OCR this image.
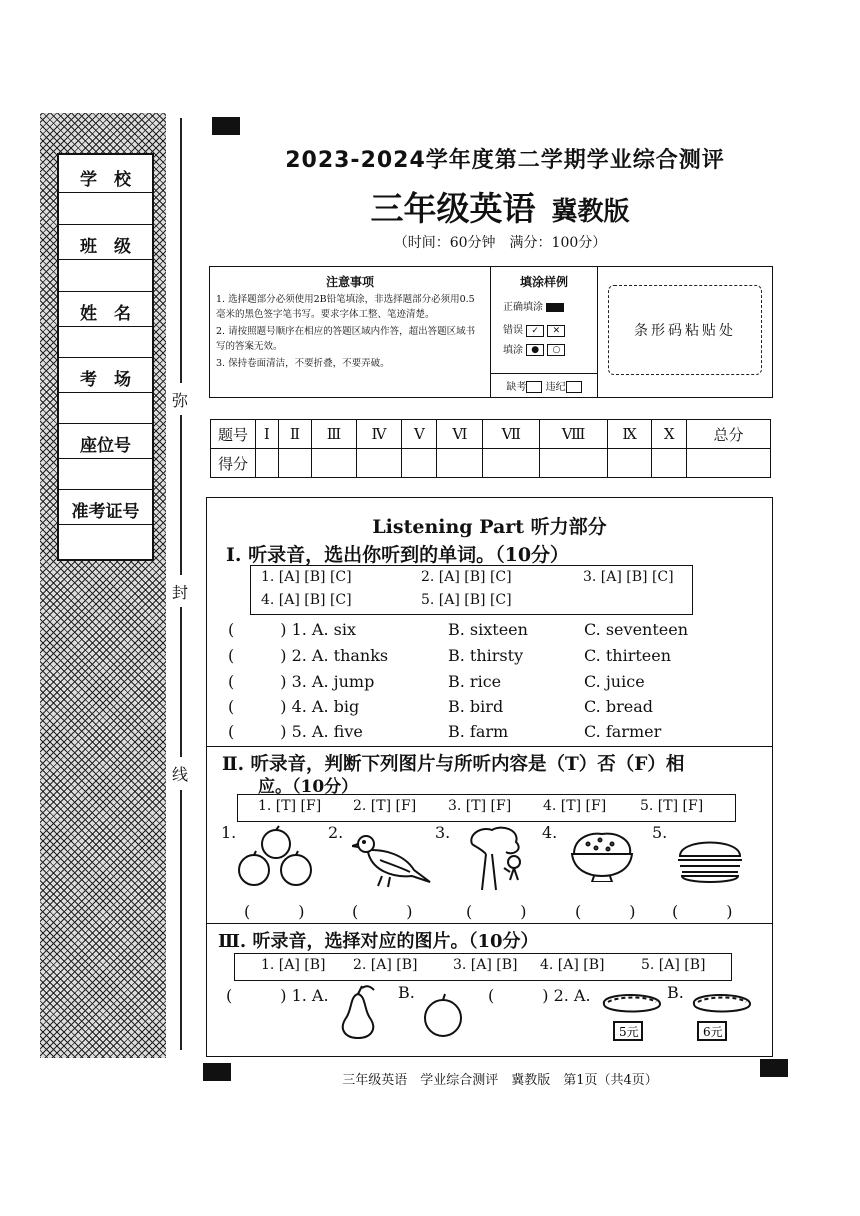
学　校
班　级
姓　名
考　场
座位号
准考证号
弥
封
线
2023-2024学年度第二学期学业综合测评
三年级英语 冀教版
（时间：60分钟　满分：100分）
注意事项
1. 选择题部分必须使用2B铅笔填涂，非选择题部分必须用0.5毫米的黑色签字笔书写。要求字体工整、笔迹清楚。
2. 请按照题号顺序在相应的答题区域内作答，超出答题区域书写的答案无效。
3. 保持卷面清洁，不要折叠，不要弄破。
填涂样例
正确填涂
错误 ✓ ✕
填涂 ● ○
缺考 违纪
条形码粘贴处
题号	Ⅰ	Ⅱ	Ⅲ	Ⅳ	Ⅴ	Ⅵ	Ⅶ	Ⅷ	Ⅸ	Ⅹ	总分
得分											
Listening Part 听力部分
Ⅰ. 听录音，选出你听到的单词。（10分）
1. [A] [B] [C]	2. [A] [B] [C]	3. [A] [B] [C]
4. [A] [B] [C]	5. [A] [B] [C]
(	) 1. A. six	B. sixteen	C. seventeen
(	) 2. A. thanks	B. thirsty	C. thirteen
(	) 3. A. jump	B. rice	C. juice
(	) 4. A. big	B. bird	C. bread
(	) 5. A. five	B. farm	C. farmer
Ⅱ. 听录音，判断下列图片与所听内容是（T）否（F）相
应。（10分）
1. [T] [F] 2. [T] [F] 3. [T] [F] 4. [T] [F] 5. [T] [F]
1.	2.	3.	4.	5.
(　　　)	(　　　)	(　　　)	(　　　) (　　　)
Ⅲ. 听录音，选择对应的图片。（10分）
1. [A] [B] 2. [A] [B]	3. [A] [B] 4. [A] [B]	5. [A] [B]
(　　　) 1. A.	B.	(　　　) 2. A.	B.
5元	6元
三年级英语　学业综合测评　冀教版　第1页（共4页）
